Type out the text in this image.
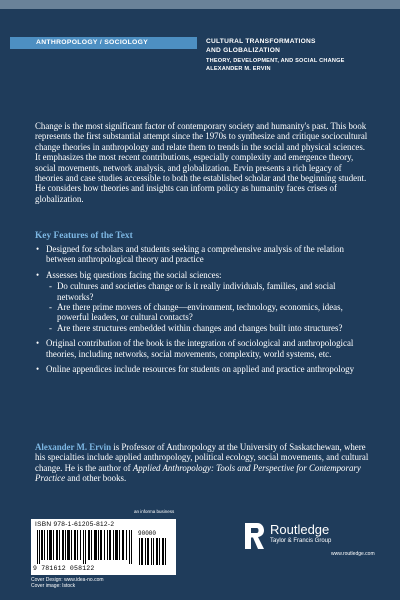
ANTHROPOLOGY / SOCIOLOGY	CULTURAL TRANSFORMATIONS
AND GLOBALIZATION
THEORY, DEVELOPMENT, AND SOCIAL CHANGE
ALEXANDER M. ERVIN

Change is the most significant factor of contemporary society and humanity's past. This book represents the first substantial attempt since the 1970s to synthesize and critique sociocultural change theories in anthropology and relate them to trends in the social and physical sciences. It emphasizes the most recent contributions, especially complexity and emergence theory, social movements, network analysis, and globalization. Ervin presents a rich legacy of theories and case studies accessible to both the established scholar and the beginning student. He considers how theories and insights can inform policy as humanity faces crises of globalization.

Key Features of the Text
• Designed for scholars and students seeking a comprehensive analysis of the relation between anthropological theory and practice
• Assesses big questions facing the social sciences:
- Do cultures and societies change or is it really individuals, families, and social networks?
- Are there prime movers of change—environment, technology, economics, ideas, powerful leaders, or cultural contacts?
- Are there structures embedded within changes and changes built into structures?
• Original contribution of the book is the integration of sociological and anthropological theories, including networks, social movements, complexity, world systems, etc.
• Online appendices include resources for students on applied and practice anthropology

Alexander M. Ervin is Professor of Anthropology at the University of Saskatchewan, where his specialties include applied anthropology, political ecology, social movements, and cultural change. He is the author of Applied Anthropology: Tools and Perspective for Contemporary Practice and other books.

an informa business
ISBN 978-1-61205-812-2
9 781612 058122
90000
Cover Design: www.idea-no.com
Cover image: Istock
Routledge
Taylor & Francis Group
www.routledge.com
